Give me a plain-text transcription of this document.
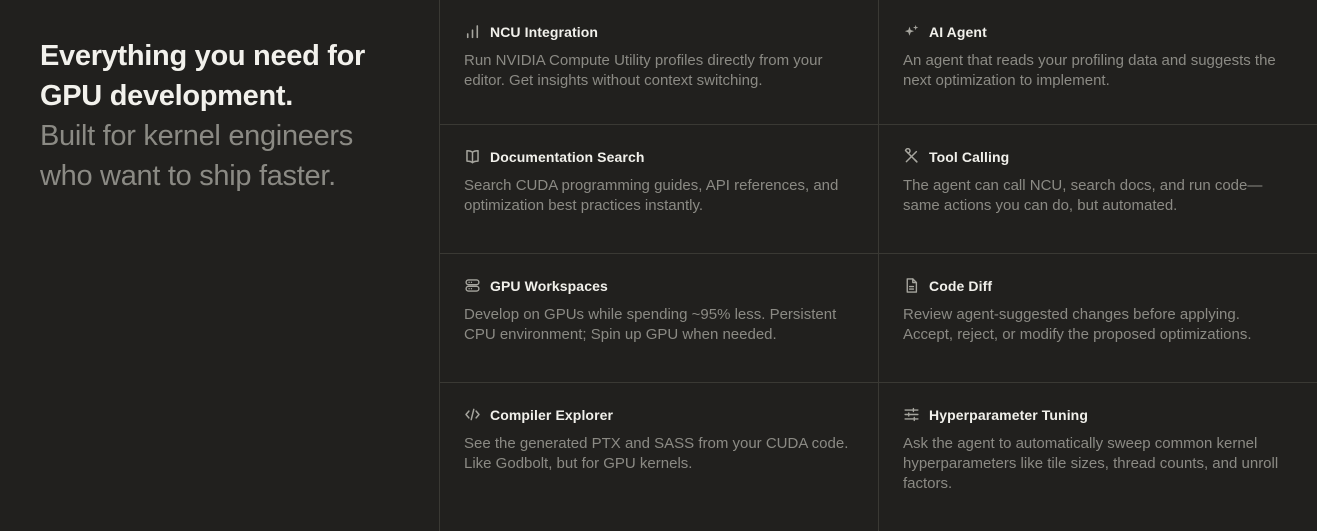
Everything you need for GPU development.

Built for kernel engineers who want to ship faster.

NCU Integration
Run NVIDIA Compute Utility profiles directly from your editor. Get insights without context switching.
AI Agent
An agent that reads your profiling data and suggests the next optimization to implement.
Documentation Search
Search CUDA programming guides, API references, and optimization best practices instantly.
Tool Calling
The agent can call NCU, search docs, and run code—same actions you can do, but automated.
GPU Workspaces
Develop on GPUs while spending ~95% less. Persistent CPU environment; Spin up GPU when needed.
Code Diff
Review agent-suggested changes before applying. Accept, reject, or modify the proposed optimizations.
Compiler Explorer
See the generated PTX and SASS from your CUDA code. Like Godbolt, but for GPU kernels.
Hyperparameter Tuning
Ask the agent to automatically sweep common kernel hyperparameters like tile sizes, thread counts, and unroll factors.
